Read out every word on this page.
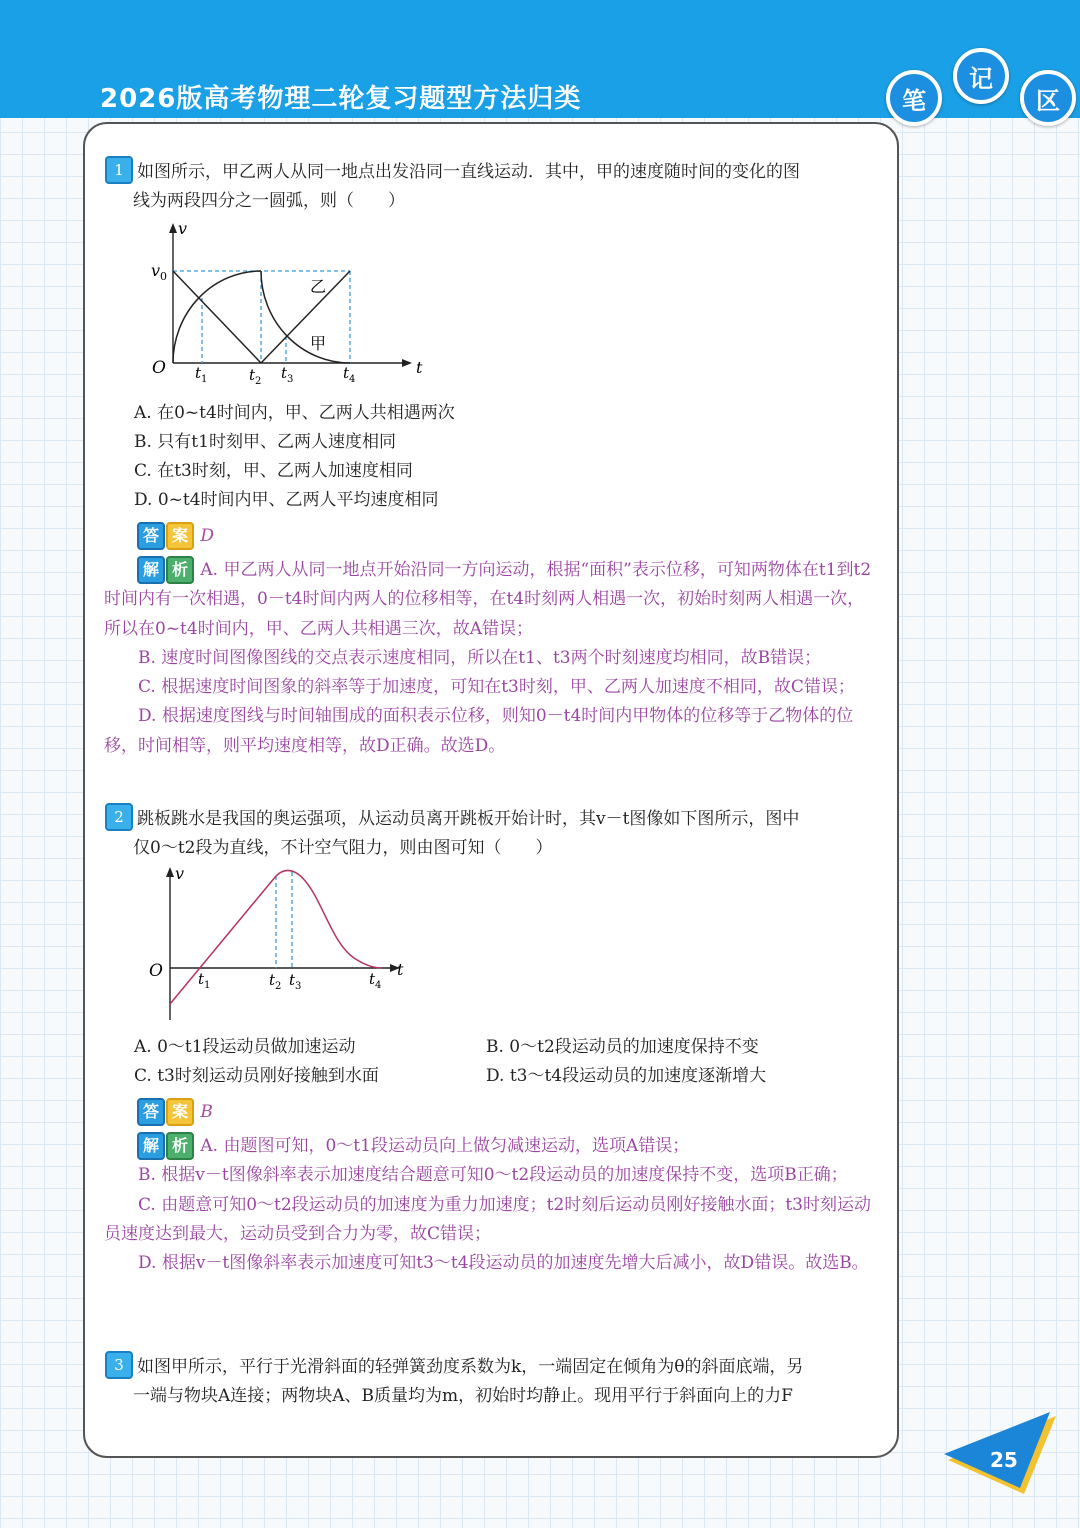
2026版高考物理二轮复习题型方法归类	笔
记
区
1 如图所示，甲乙两人从同一地点出发沿同一直线运动．其中，甲的速度随时间的变化的图
线为两段四分之一圆弧，则（　　）
v
t
O
$v_0$
乙
甲
$t_1$	$t_2$ $t_3$	$t_4$
A. 在0~t4时间内，甲、乙两人共相遇两次
B. 只有t1时刻甲、乙两人速度相同
C. 在t3时刻，甲、乙两人加速度相同
D. 0~t4时间内甲、乙两人平均速度相同
答 案 D

解 析 A. 甲乙两人从同一地点开始沿同一方向运动，根据“面积”表示位移，可知两物体在t1到t2时间内有一次相遇，0－t4时间内两人的位移相等，在t4时刻两人相遇一次，初始时刻两人相遇一次，所以在0~t4时间内，甲、乙两人共相遇三次，故A错误；

B. 速度时间图像图线的交点表示速度相同，所以在t1、t3两个时刻速度均相同，故B错误；

C. 根据速度时间图象的斜率等于加速度，可知在t3时刻，甲、乙两人加速度不相同，故C错误；

D. 根据速度图线与时间轴围成的面积表示位移，则知0－t4时间内甲物体的位移等于乙物体的位移，时间相等，则平均速度相等，故D正确。故选D。

2 跳板跳水是我国的奥运强项，从运动员离开跳板开始计时，其v－t图像如下图所示，图中
仅0～t2段为直线，不计空气阻力，则由图可知（　　）
v
t
O $t_1$	$t_2$ $t_3$	$t_4$
A. 0～t1段运动员做加速运动	B. 0～t2段运动员的加速度保持不变
C. t3时刻运动员刚好接触到水面	D. t3～t4段运动员的加速度逐渐增大
答 案 B

解 析 A. 由题图可知，0～t1段运动员向上做匀减速运动，选项A错误；

B. 根据v－t图像斜率表示加速度结合题意可知0～t2段运动员的加速度保持不变，选项B正确；

C. 由题意可知0～t2段运动员的加速度为重力加速度；t2时刻后运动员刚好接触水面；t3时刻运动员速度达到最大，运动员受到合力为零，故C错误；

D. 根据v－t图像斜率表示加速度可知t3～t4段运动员的加速度先增大后减小，故D错误。故选B。

3 如图甲所示，平行于光滑斜面的轻弹簧劲度系数为k，一端固定在倾角为θ的斜面底端，另
一端与物块A连接；两物块A、B质量均为m，初始时均静止。现用平行于斜面向上的力F
25
